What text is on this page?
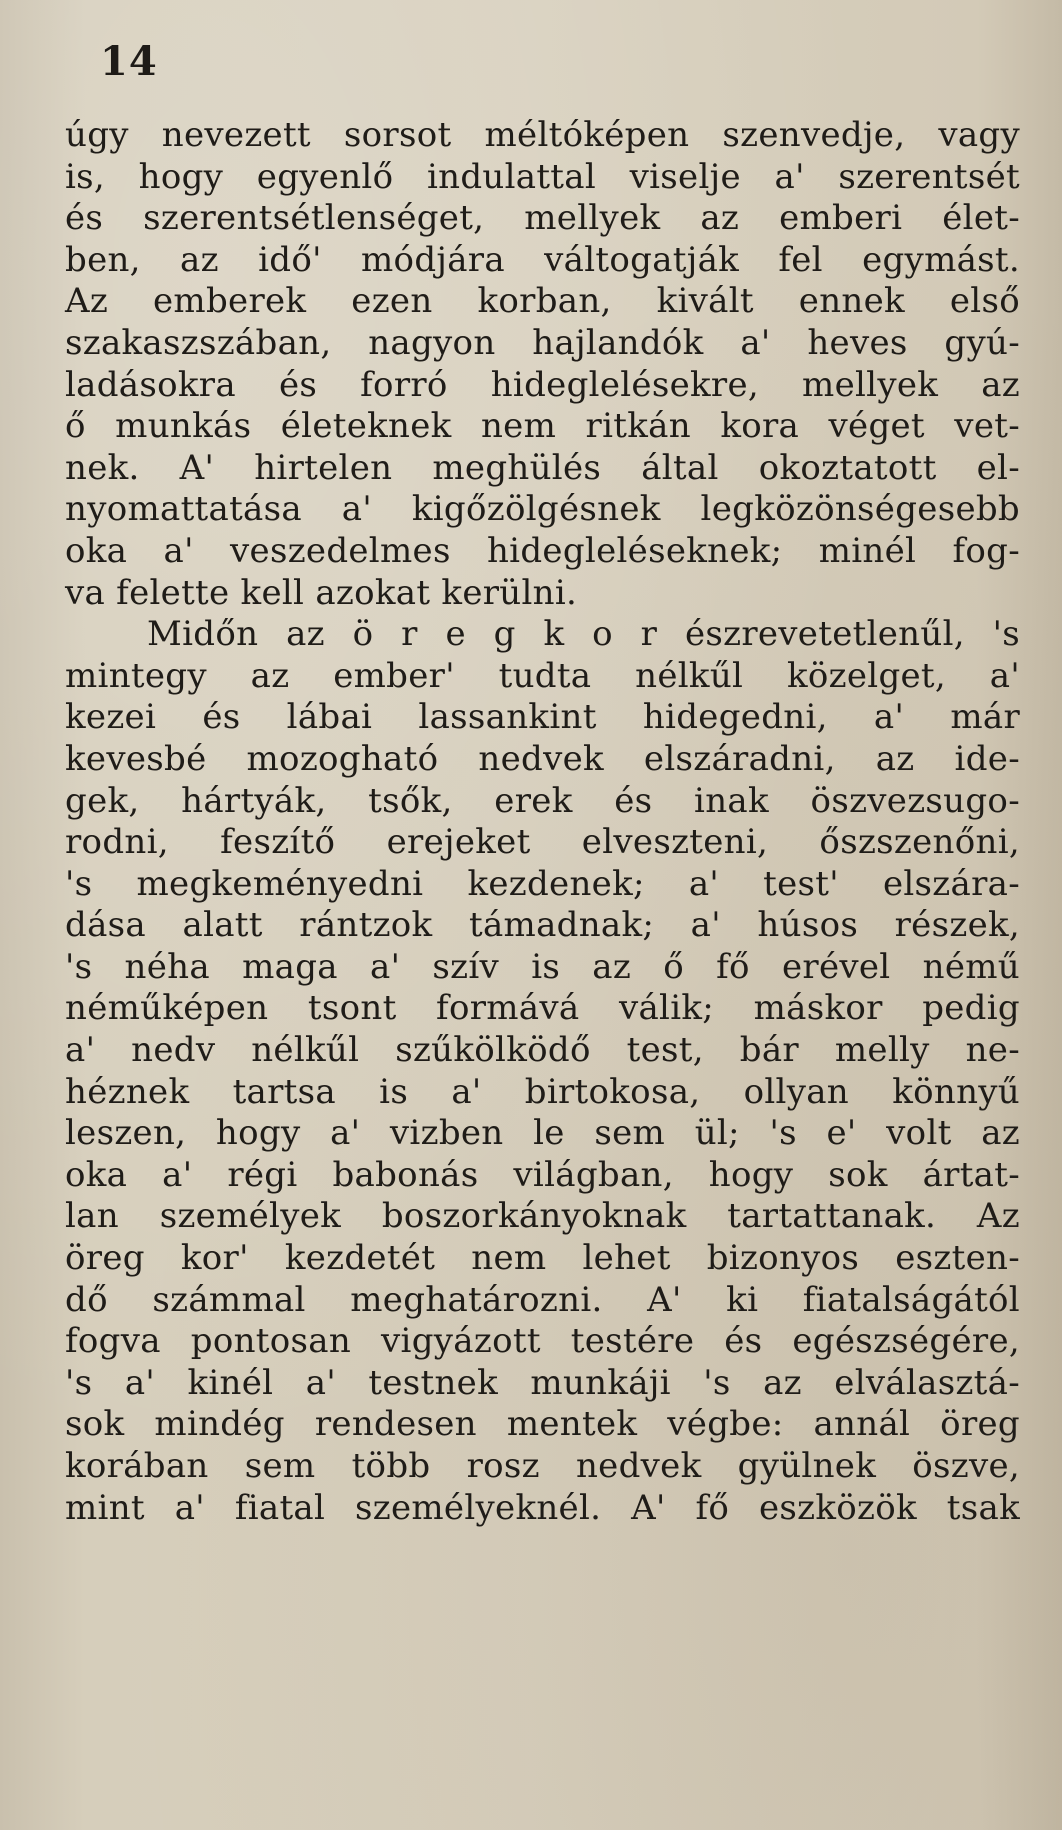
14
úgy nevezett sorsot méltóképen szenvedje, vagy
is, hogy egyenlő indulattal viselje a' szerentsét
és szerentsétlenséget, mellyek az emberi élet-
ben, az idő' módjára váltogatják fel egymást.
Az emberek ezen korban, kivált ennek első
szakaszszában, nagyon hajlandók a' heves gyú-
ladásokra és forró hideglelésekre, mellyek az
ő munkás életeknek nem ritkán kora véget vet-
nek. A' hirtelen meghülés által okoztatott el-
nyomattatása a' kigőzölgésnek legközönségesebb
oka a' veszedelmes hidegleléseknek; minél fog-
va felette kell azokat kerülni.
Midőn az ö r e g k o r észrevetetlenűl, 's
mintegy az ember' tudta nélkűl közelget, a'
kezei és lábai lassankint hidegedni, a' már
kevesbé mozogható nedvek elszáradni, az ide-
gek, hártyák, tsők, erek és inak öszvezsugo-
rodni, feszítő erejeket elveszteni, őszszenőni,
's megkeményedni kezdenek; a' test' elszára-
dása alatt rántzok támadnak; a' húsos részek,
's néha maga a' szív is az ő fő erével némű
néműképen tsont formává válik; máskor pedig
a' nedv nélkűl szűkölködő test, bár melly ne-
héznek tartsa is a' birtokosa, ollyan könnyű
leszen, hogy a' vizben le sem ül; 's e' volt az
oka a' régi babonás világban, hogy sok ártat-
lan személyek boszorkányoknak tartattanak. Az
öreg kor' kezdetét nem lehet bizonyos eszten-
dő számmal meghatározni. A' ki fiatalságától
fogva pontosan vigyázott testére és egészségére,
's a' kinél a' testnek munkáji 's az elválasztá-
sok mindég rendesen mentek végbe: annál öreg
korában sem több rosz nedvek gyülnek öszve,
mint a' fiatal személyeknél. A' fő eszközök tsak
